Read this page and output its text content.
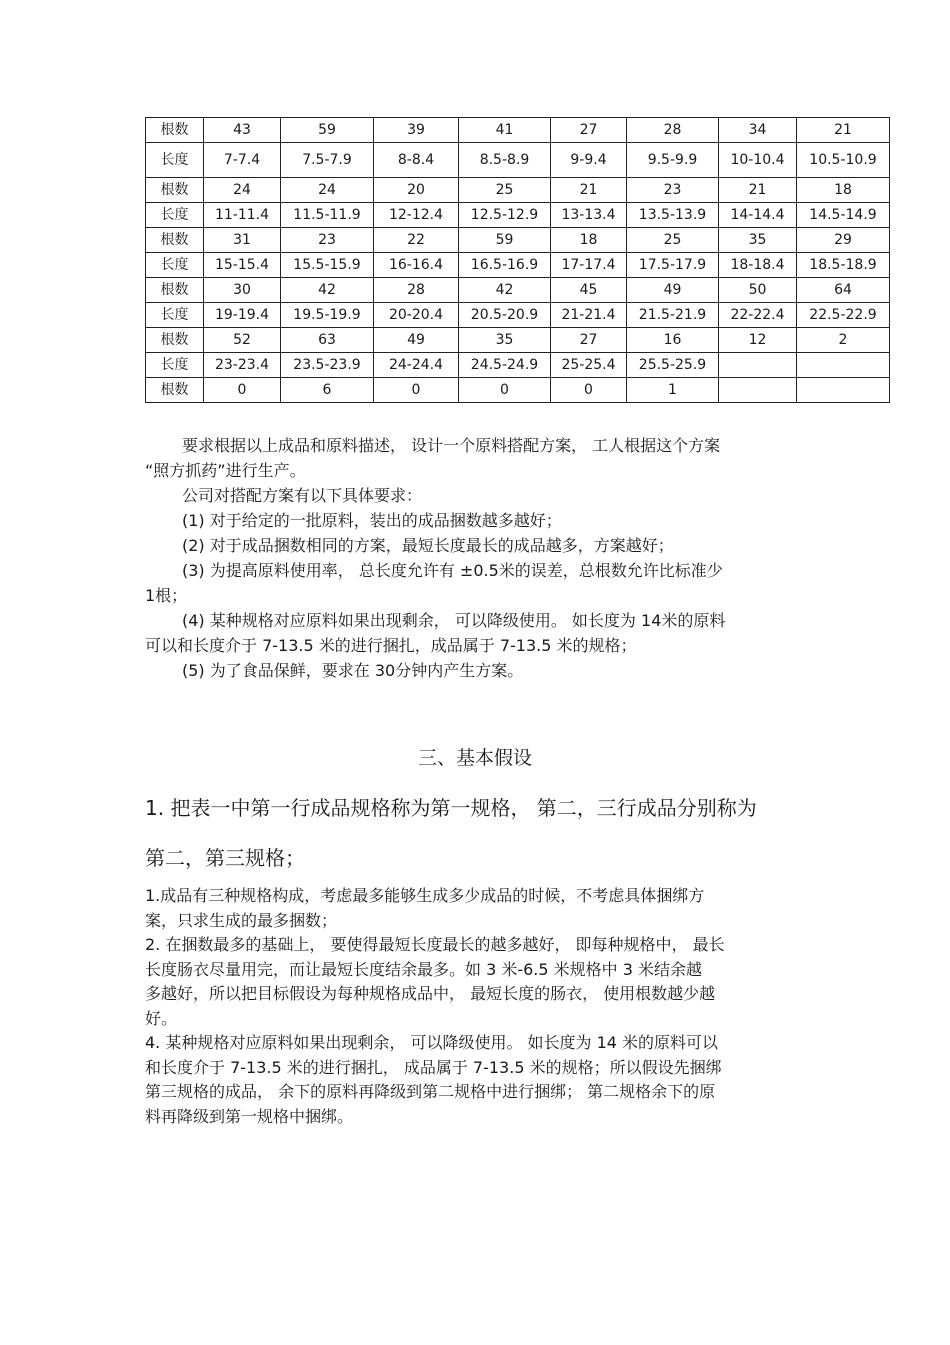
根数	43	59	39	41	27	28	34	21
长度	7-7.4	7.5-7.9	8-8.4	8.5-8.9	9-9.4	9.5-9.9	10-10.4	10.5-10.9
根数	24	24	20	25	21	23	21	18
长度	11-11.4	11.5-11.9	12-12.4	12.5-12.9	13-13.4	13.5-13.9	14-14.4	14.5-14.9
根数	31	23	22	59	18	25	35	29
长度	15-15.4	15.5-15.9	16-16.4	16.5-16.9	17-17.4	17.5-17.9	18-18.4	18.5-18.9
根数	30	42	28	42	45	49	50	64
长度	19-19.4	19.5-19.9	20-20.4	20.5-20.9	21-21.4	21.5-21.9	22-22.4	22.5-22.9
根数	52	63	49	35	27	16	12	2
长度	23-23.4	23.5-23.9	24-24.4	24.5-24.9	25-25.4	25.5-25.9		
根数	0	6	0	0	0	1		
要求根据以上成品和原料描述， 设计一个原料搭配方案， 工人根据这个方案
“照方抓药”进行生产。
公司对搭配方案有以下具体要求：
(1) 对于给定的一批原料，装出的成品捆数越多越好；
(2) 对于成品捆数相同的方案，最短长度最长的成品越多，方案越好；
(3) 为提高原料使用率， 总长度允许有 ±0.5米的误差，总根数允许比标准少
1根；
(4) 某种规格对应原料如果出现剩余， 可以降级使用。 如长度为 14米的原料
可以和长度介于 7-13.5 米的进行捆扎，成品属于 7-13.5 米的规格；
(5) 为了食品保鲜，要求在 30分钟内产生方案。
三、基本假设
1. 把表一中第一行成品规格称为第一规格， 第二，三行成品分别称为
第二，第三规格；
1.成品有三种规格构成，考虑最多能够生成多少成品的时候，不考虑具体捆绑方
案，只求生成的最多捆数；
2. 在捆数最多的基础上， 要使得最短长度最长的越多越好， 即每种规格中， 最长
长度肠衣尽量用完，而让最短长度结余最多。如 3 米-6.5 米规格中 3 米结余越
多越好，所以把目标假设为每种规格成品中， 最短长度的肠衣， 使用根数越少越
好。
4. 某种规格对应原料如果出现剩余， 可以降级使用。 如长度为 14 米的原料可以
和长度介于 7-13.5 米的进行捆扎， 成品属于 7-13.5 米的规格；所以假设先捆绑
第三规格的成品， 余下的原料再降级到第二规格中进行捆绑； 第二规格余下的原
料再降级到第一规格中捆绑。
